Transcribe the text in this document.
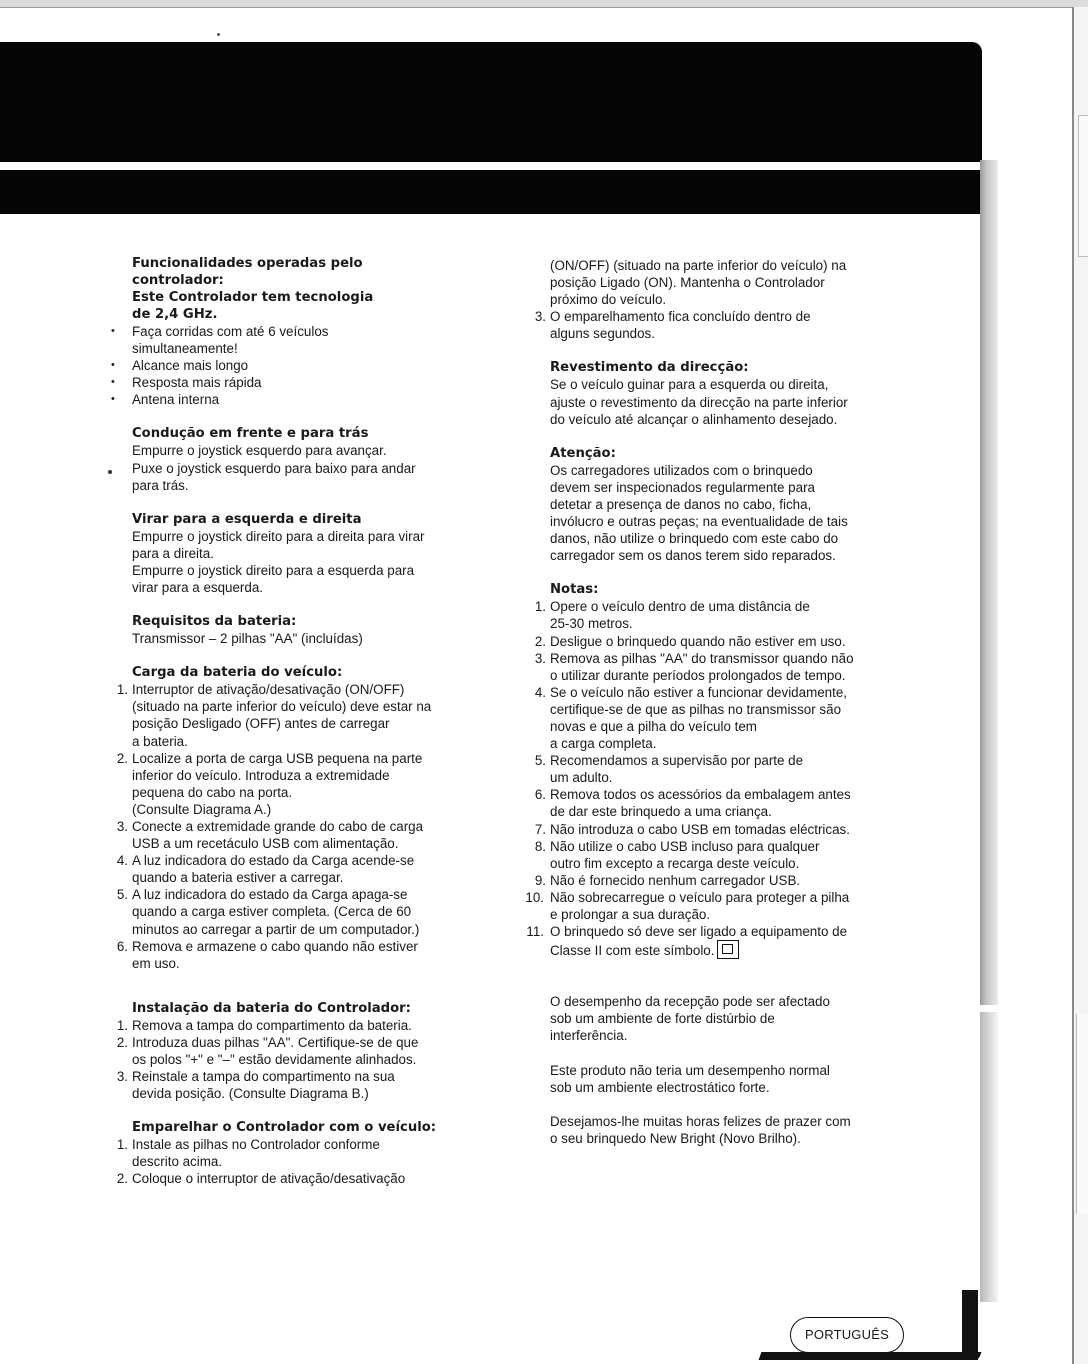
Funcionalidades operadas pelo
controlador:
Este Controlador tem tecnologia
de 2,4 GHz.
• Faça corridas com até 6 veículos
simultaneamente!
• Alcance mais longo
• Resposta mais rápida
• Antena interna
Condução em frente e para trás
Empurre o joystick esquerdo para avançar.
Puxe o joystick esquerdo para baixo para andar
para trás.
Virar para a esquerda e direita
Empurre o joystick direito para a direita para virar
para a direita.
Empurre o joystick direito para a esquerda para
virar para a esquerda.
Requisitos da bateria:
Transmissor – 2 pilhas "AA" (incluídas)
Carga da bateria do veículo:
1. Interruptor de ativação/desativação (ON/OFF)
(situado na parte inferior do veículo) deve estar na
posição Desligado (OFF) antes de carregar
a bateria.
2. Localize a porta de carga USB pequena na parte
inferior do veículo. Introduza a extremidade
pequena do cabo na porta.
(Consulte Diagrama A.)
3. Conecte a extremidade grande do cabo de carga
USB a um recetáculo USB com alimentação.
4. A luz indicadora do estado da Carga acende-se
quando a bateria estiver a carregar.
5. A luz indicadora do estado da Carga apaga-se
quando a carga estiver completa. (Cerca de 60
minutos ao carregar a partir de um computador.)
6. Remova e armazene o cabo quando não estiver
em uso.
Instalação da bateria do Controlador:
1. Remova a tampa do compartimento da bateria.
2. Introduza duas pilhas "AA". Certifique-se de que
os polos "+" e "–" estão devidamente alinhados.
3. Reinstale a tampa do compartimento na sua
devida posição. (Consulte Diagrama B.)
Emparelhar o Controlador com o veículo:
1. Instale as pilhas no Controlador conforme
descrito acima.
2. Coloque o interruptor de ativação/desativação
(ON/OFF) (situado na parte inferior do veículo) na
posição Ligado (ON). Mantenha o Controlador
próximo do veículo.
3. O emparelhamento fica concluído dentro de
alguns segundos.
Revestimento da direcção:
Se o veículo guinar para a esquerda ou direita,
ajuste o revestimento da direcção na parte inferior
do veículo até alcançar o alinhamento desejado.
Atenção:
Os carregadores utilizados com o brinquedo
devem ser inspecionados regularmente para
detetar a presença de danos no cabo, ficha,
invólucro e outras peças; na eventualidade de tais
danos, não utilize o brinquedo com este cabo do
carregador sem os danos terem sido reparados.
Notas:
1. Opere o veículo dentro de uma distância de
25-30 metros.
2. Desligue o brinquedo quando não estiver em uso.
3. Remova as pilhas "AA" do transmissor quando não
o utilizar durante períodos prolongados de tempo.
4. Se o veículo não estiver a funcionar devidamente,
certifique-se de que as pilhas no transmissor são
novas e que a pilha do veículo tem
a carga completa.
5. Recomendamos a supervisão por parte de
um adulto.
6. Remova todos os acessórios da embalagem antes
de dar este brinquedo a uma criança.
7. Não introduza o cabo USB em tomadas eléctricas.
8. Não utilize o cabo USB incluso para qualquer
outro fim excepto a recarga deste veículo.
9. Não é fornecido nenhum carregador USB.
10. Não sobrecarregue o veículo para proteger a pilha
e prolongar a sua duração.
11. O brinquedo só deve ser ligado a equipamento de
Classe II com este símbolo.
O desempenho da recepção pode ser afectado
sob um ambiente de forte distúrbio de
interferência.
Este produto não teria um desempenho normal
sob um ambiente electrostático forte.
Desejamos-lhe muitas horas felizes de prazer com
o seu brinquedo New Bright (Novo Brilho).
PORTUGUÊS
